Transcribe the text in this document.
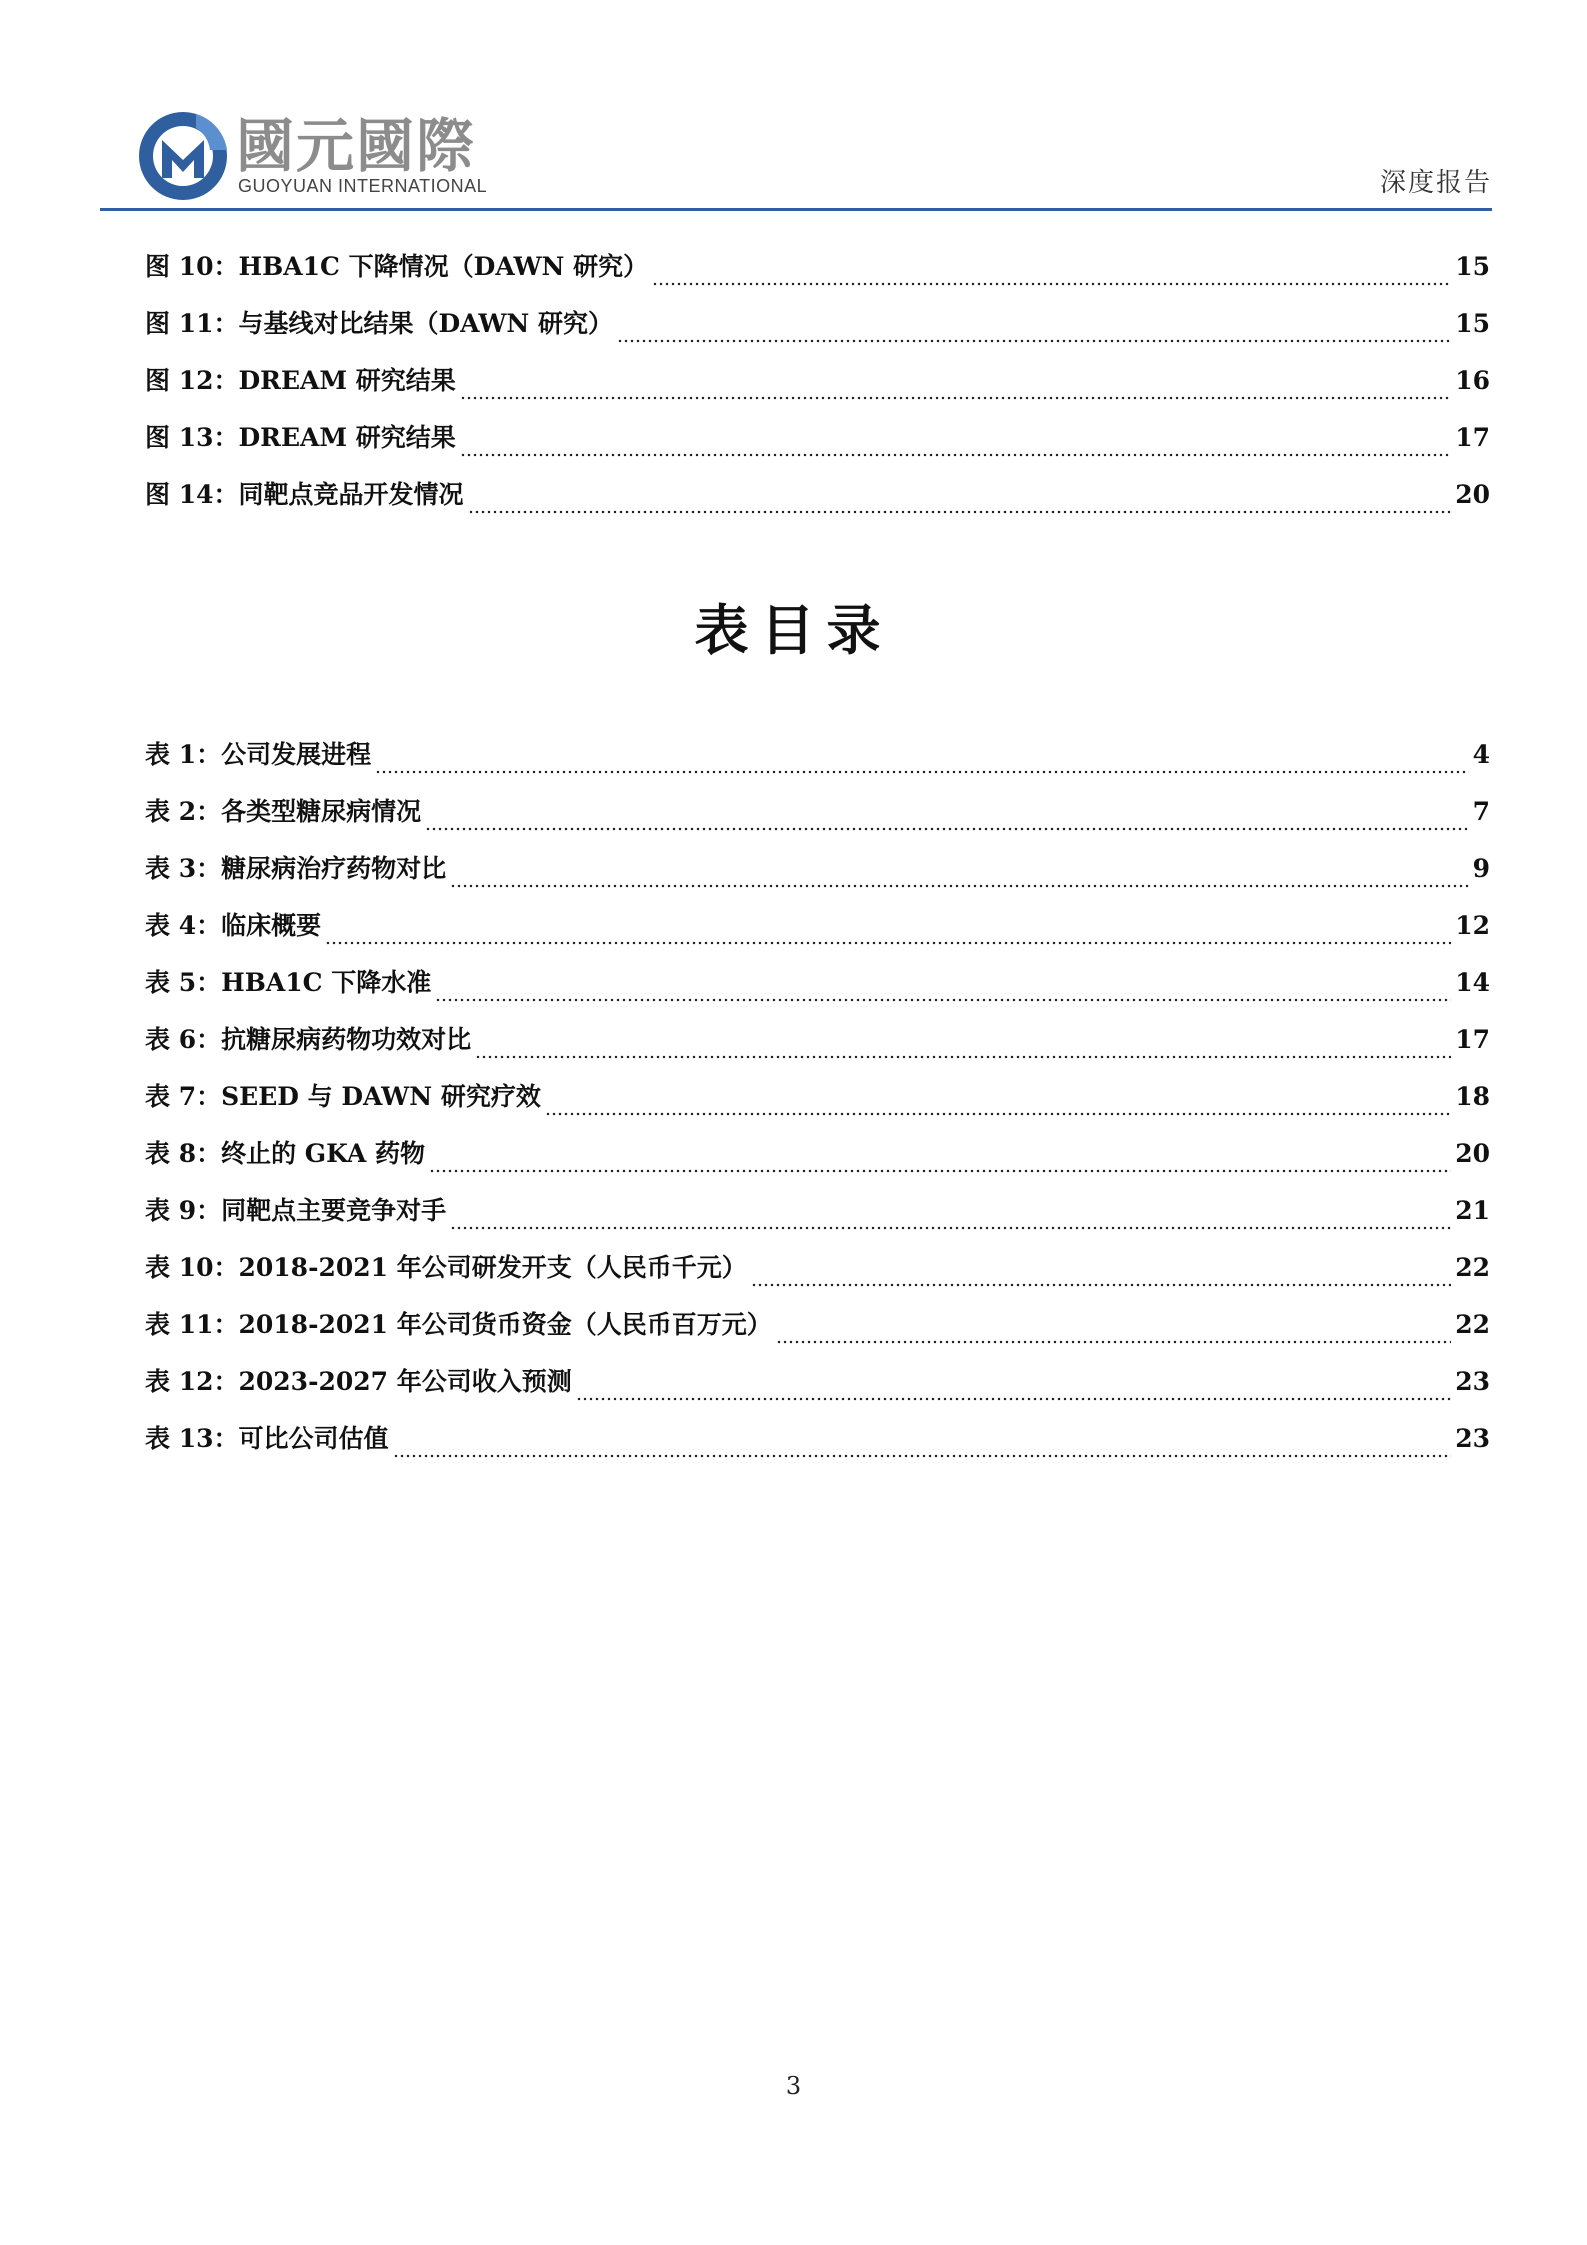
國元國際
GUOYUAN INTERNATIONAL	深度报告
图 10：HBA1C 下降情况（DAWN 研究）	15
图 11：与基线对比结果（DAWN 研究）	15
图 12：DREAM 研究结果	16
图 13：DREAM 研究结果	17
图 14：同靶点竞品开发情况	20
表目录
表 1：公司发展进程	4
表 2：各类型糖尿病情况	7
表 3：糖尿病治疗药物对比	9
表 4：临床概要	12
表 5：HBA1C 下降水准	14
表 6：抗糖尿病药物功效对比	17
表 7：SEED 与 DAWN 研究疗效	18
表 8：终止的 GKA 药物	20
表 9：同靶点主要竞争对手	21
表 10：2018-2021 年公司研发开支（人民币千元）	22
表 11：2018-2021 年公司货币资金（人民币百万元）	22
表 12：2023-2027 年公司收入预测	23
表 13：可比公司估值	23
3
